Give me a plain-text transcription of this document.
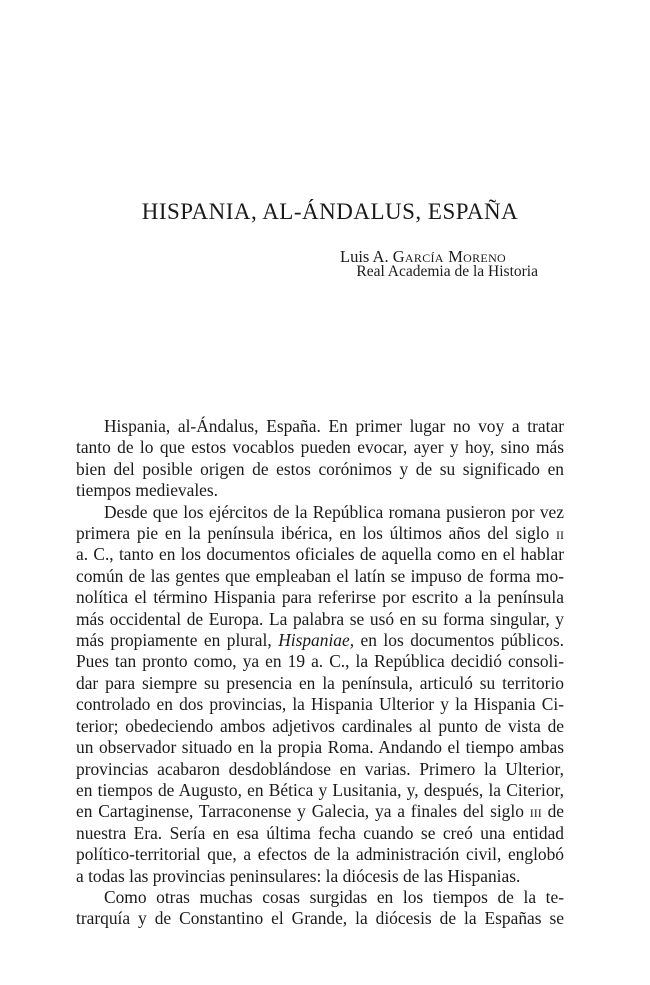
HISPANIA, AL-ÁNDALUS, ESPAÑA
Luis A. García Moreno
Real Academia de la Historia
Hispania, al-Ándalus, España. En primer lugar no voy a tratar
tanto de lo que estos vocablos pueden evocar, ayer y hoy, sino más
bien del posible origen de estos corónimos y de su significado en
tiempos medievales.
Desde que los ejércitos de la República romana pusieron por vez
primera pie en la península ibérica, en los últimos años del siglo ii
a. C., tanto en los documentos oficiales de aquella como en el hablar
común de las gentes que empleaban el latín se impuso de forma mo-
nolítica el término Hispania para referirse por escrito a la península
más occidental de Europa. La palabra se usó en su forma singular, y
más propiamente en plural, Hispaniae, en los documentos públicos.
Pues tan pronto como, ya en 19 a. C., la República decidió consoli-
dar para siempre su presencia en la península, articuló su territorio
controlado en dos provincias, la Hispania Ulterior y la Hispania Ci-
terior; obedeciendo ambos adjetivos cardinales al punto de vista de
un observador situado en la propia Roma. Andando el tiempo ambas
provincias acabaron desdoblándose en varias. Primero la Ulterior,
en tiempos de Augusto, en Bética y Lusitania, y, después, la Citerior,
en Cartaginense, Tarraconense y Galecia, ya a finales del siglo iii de
nuestra Era. Sería en esa última fecha cuando se creó una entidad
político-territorial que, a efectos de la administración civil, englobó
a todas las provincias peninsulares: la diócesis de las Hispanias.
Como otras muchas cosas surgidas en los tiempos de la te-
trarquía y de Constantino el Grande, la diócesis de la Españas se
